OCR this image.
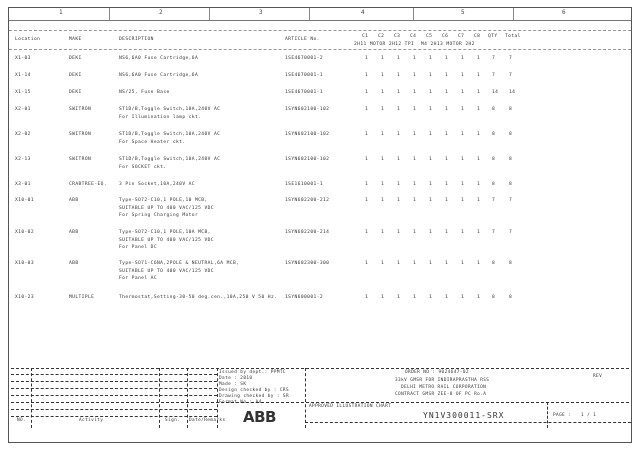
1	2	3	4	5	6
Location	MAKE	DESCRIPTION	ARTICLE No.
C1 C2 C3 C4 C5 C6 C7 C8 QTY Total
2H11 MOTOR 2H12 TPI M4 2H13 MOTOR 2H2
X1-03	DEKI	NS6,6A0 Fuse Cartridge,6A	1SE4670001-2	1	1	1	1	1	1	1	1	7	7
X1-14	DEKI	NS6,6A0 Fuse Cartridge,6A	1SE4670001-1	1	1	1	1	1	1	1	1	7	7
X1-15	DEKI	NS/25, Fuse Base	1SE4670001-1	1	1	1	1	1	1	1	1	14 14
X2-01	SWITRON	ST1D/B,Toggle Switch,10A,240V AC
For Illumination lamp ckt.
1SYN602100-102	1	1	1	1	1	1	1	1	8	8
X2-02	SWITRON	ST1D/B,Toggle Switch,10A,240V AC
For Space Heater ckt.
1SYN602100-102	1	1	1	1	1	1	1	1	8	8
X2-13	SWITRON	ST1D/B,Toggle Switch,10A,240V AC
For SOCKET ckt.
1SYN602100-102	1	1	1	1	1	1	1	1	8	8
X3-01	CRABTREE-EQ.	3 Pin Socket,10A,240V AC	1SE1610001-1	1	1	1	1	1	1	1	1	8	8
X10-01	ABB	Type-SO72-C10,1 POLE,10 MCB,
SUITABLE UP TO 400 VAC/125 VDC
For Spring Charging Motor
1SYN602200-212	1	1	1	1	1	1	1	1	7	7
X10-02	ABB	Type-SO72-C10,1 POLE,10A MCB,
SUITABLE UP TO 400 VAC/125 VDC
For Panel DC
1SYN602200-214	1	1	1	1	1	1	1	1	7	7
X10-03	ABB	Type-SO71-C6NA,2POLE & NEUTRAL,6A MCB,
SUITABLE UP TO 400 VAC/125 VDC
For Panel AC
1SYN602300-300	1	1	1	1	1	1	1	1	8	8
X10-23	MULTIPLE	Thermostat,Setting-30-50 deg.cen.,10A,250 V 50 Hz. 1SYN600001-2	1	1	1	1	1	1	1	1	8	8
NO.	Activity	Sign. Date/Remarks
Issued by dept.: PPMTC
Date : 2010
Made : SK
Design checked by : CRS
Drawing checked by : SR
Format No.: A4
ABB
ORDER NO : 9024647-02
33kV GMSR FOR INDIRAPRASTHA RSS
DELHI METRO RAIL CORPORATION
CONTRACT GMSR ZEE-8 OF PC Ro.A
REV
APPROVED ILLUSTRATION CHART
YN1V300011-SRX	PAGE : 1 / 1
